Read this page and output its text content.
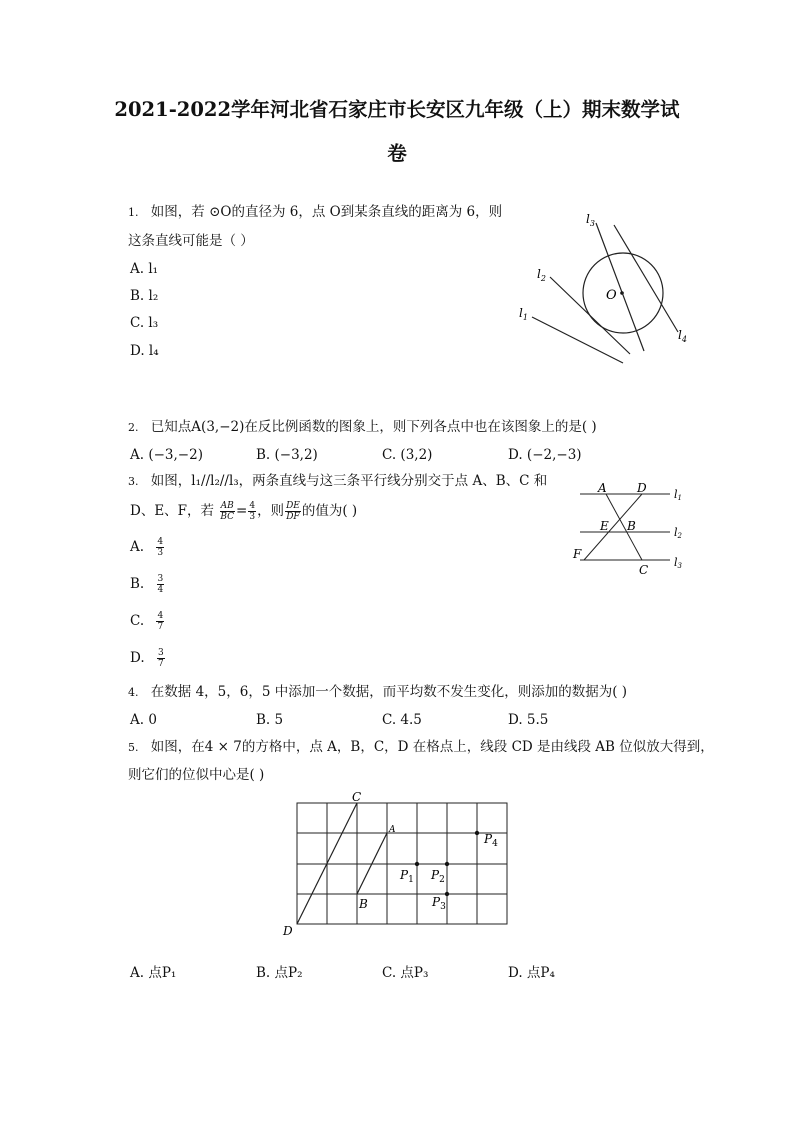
2021-2022学年河北省石家庄市长安区九年级（上）期末数学试
卷
1. 如图，若 ⊙O的直径为 6，点 O到某条直线的距离为 6，则
这条直线可能是（ ）
A. l₁
B. l₂
C. l₃
D. l₄
$l_3$
$l_2$
$l_1$
$l_4$
O
2. 已知点A(3,−2)在反比例函数的图象上，则下列各点中也在该图象上的是( )
A. (−3,−2)	B. (−3,2)	C. (3,2)	D. (−2,−3)
3. 如图，l₁//l₂//l₃，两条直线与这三条平行线分别交于点 A、B、C 和
D、E、F，若 $\frac{AB}{BC} = \frac{4}{3}$ ，则 $\frac{DE}{DF}$ 的值为( )
A. $\frac{4}{3}$
B. $\frac{3}{4}$
C. $\frac{4}{7}$
D. $\frac{3}{7}$
A	D
E B
F
C
l1
l2
l3
4. 在数据 4，5，6，5 中添加一个数据，而平均数不发生变化，则添加的数据为( )
A. 0	B. 5	C. 4.5	D. 5.5
5. 如图，在4 × 7的方格中，点 A，B，C，D 在格点上，线段 CD 是由线段 AB 位似放大得到，
则它们的位似中心是( )
C
A
B
D
$P_1$ $P_2$
$P_3$
$P_4$
A. 点P₁	B. 点P₂	C. 点P₃	D. 点P₄
